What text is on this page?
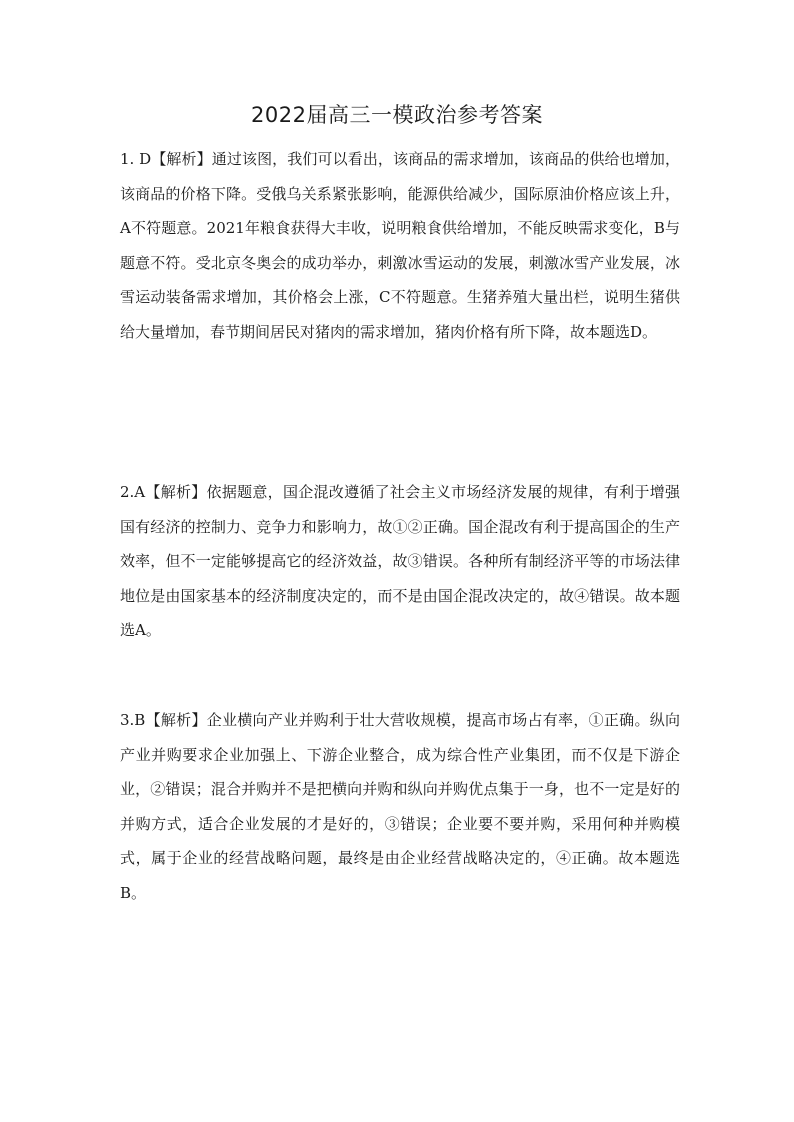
2022届高三一模政治参考答案
1. D【解析】通过该图，我们可以看出，该商品的需求增加，该商品的供给也增加，该商品的价格下降。受俄乌关系紧张影响，能源供给减少，国际原油价格应该上升，A不符题意。2021年粮食获得大丰收，说明粮食供给增加，不能反映需求变化，B与题意不符。受北京冬奥会的成功举办，刺激冰雪运动的发展，刺激冰雪产业发展，冰雪运动装备需求增加，其价格会上涨，C不符题意。生猪养殖大量出栏，说明生猪供给大量增加，春节期间居民对猪肉的需求增加，猪肉价格有所下降，故本题选D。
2.A【解析】依据题意，国企混改遵循了社会主义市场经济发展的规律，有利于增强国有经济的控制力、竞争力和影响力，故①②正确。国企混改有利于提高国企的生产效率，但不一定能够提高它的经济效益，故③错误。各种所有制经济平等的市场法律地位是由国家基本的经济制度决定的，而不是由国企混改决定的，故④错误。故本题选A。
3.B【解析】企业横向产业并购利于壮大营收规模，提高市场占有率，①正确。纵向产业并购要求企业加强上、下游企业整合，成为综合性产业集团，而不仅是下游企业，②错误；混合并购并不是把横向并购和纵向并购优点集于一身，也不一定是好的并购方式，适合企业发展的才是好的，③错误；企业要不要并购，采用何种并购模式，属于企业的经营战略问题，最终是由企业经营战略决定的，④正确。故本题选B。
